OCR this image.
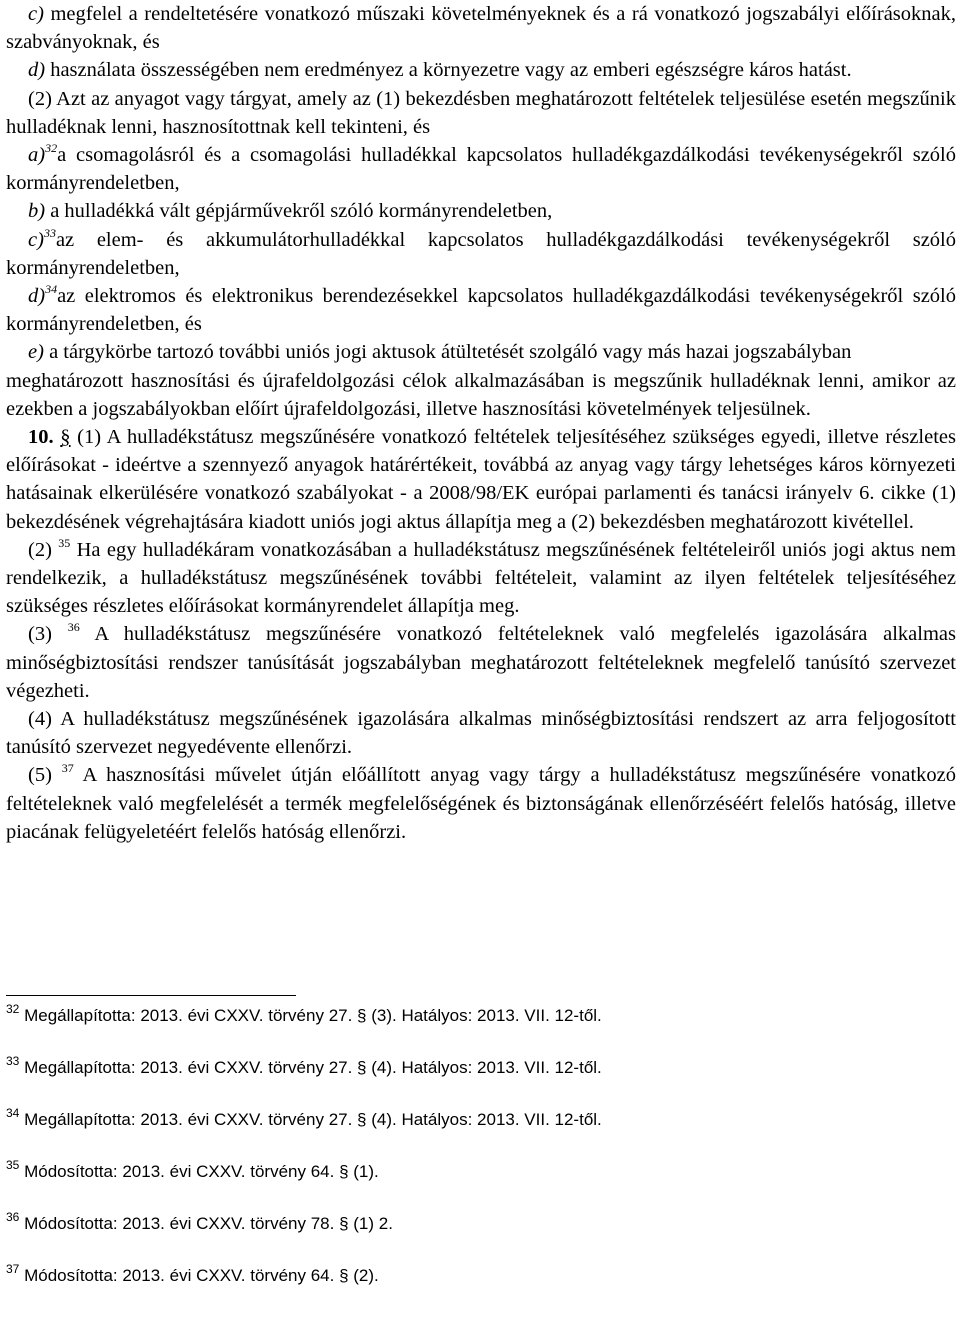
c) megfelel a rendeltetésére vonatkozó műszaki követelményeknek és a rá vonatkozó jogszabályi előírásoknak, szabványoknak, és

d) használata összességében nem eredményez a környezetre vagy az emberi egészségre káros hatást.

(2) Azt az anyagot vagy tárgyat, amely az (1) bekezdésben meghatározott feltételek teljesülése esetén megszűnik hulladéknak lenni, hasznosítottnak kell tekinteni, és

a)$^{32}$a csomagolásról és a csomagolási hulladékkal kapcsolatos hulladékgazdálkodási tevékenységekről szóló kormányrendeletben,

b) a hulladékká vált gépjárművekről szóló kormányrendeletben,

c)$^{33}$az elem- és akkumulátorhulladékkal kapcsolatos hulladékgazdálkodási tevékenységekről szóló kormányrendeletben,

d)$^{34}$az elektromos és elektronikus berendezésekkel kapcsolatos hulladékgazdálkodási tevékenységekről szóló kormányrendeletben, és

e) a tárgykörbe tartozó további uniós jogi aktusok átültetését szolgáló vagy más hazai jogszabályban

meghatározott hasznosítási és újrafeldolgozási célok alkalmazásában is megszűnik hulladéknak lenni, amikor az ezekben a jogszabályokban előírt újrafeldolgozási, illetve hasznosítási követelmények teljesülnek.

10. § (1) A hulladékstátusz megszűnésére vonatkozó feltételek teljesítéséhez szükséges egyedi, illetve részletes előírásokat - ideértve a szennyező anyagok határértékeit, továbbá az anyag vagy tárgy lehetséges káros környezeti hatásainak elkerülésére vonatkozó szabályokat - a 2008/98/EK európai parlamenti és tanácsi irányelv 6. cikke (1) bekezdésének végrehajtására kiadott uniós jogi aktus állapítja meg a (2) bekezdésben meghatározott kivétellel.

(2) $^{35}$ Ha egy hulladékáram vonatkozásában a hulladékstátusz megszűnésének feltételeiről uniós jogi aktus nem rendelkezik, a hulladékstátusz megszűnésének további feltételeit, valamint az ilyen feltételek teljesítéséhez szükséges részletes előírásokat kormányrendelet állapítja meg.

(3) $^{36}$ A hulladékstátusz megszűnésére vonatkozó feltételeknek való megfelelés igazolására alkalmas minőségbiztosítási rendszer tanúsítását jogszabályban meghatározott feltételeknek megfelelő tanúsító szervezet végezheti.

(4) A hulladékstátusz megszűnésének igazolására alkalmas minőségbiztosítási rendszert az arra feljogosított tanúsító szervezet negyedévente ellenőrzi.

(5) $^{37}$ A hasznosítási művelet útján előállított anyag vagy tárgy a hulladékstátusz megszűnésére vonatkozó feltételeknek való megfelelését a termék megfelelőségének és biztonságának ellenőrzéséért felelős hatóság, illetve piacának felügyeletéért felelős hatóság ellenőrzi.

$^{32}$ Megállapította: 2013. évi CXXV. törvény 27. § (3). Hatályos: 2013. VII. 12-től.

$^{33}$ Megállapította: 2013. évi CXXV. törvény 27. § (4). Hatályos: 2013. VII. 12-től.

$^{34}$ Megállapította: 2013. évi CXXV. törvény 27. § (4). Hatályos: 2013. VII. 12-től.

$^{35}$ Módosította: 2013. évi CXXV. törvény 64. § (1).

$^{36}$ Módosította: 2013. évi CXXV. törvény 78. § (1) 2.

$^{37}$ Módosította: 2013. évi CXXV. törvény 64. § (2).
